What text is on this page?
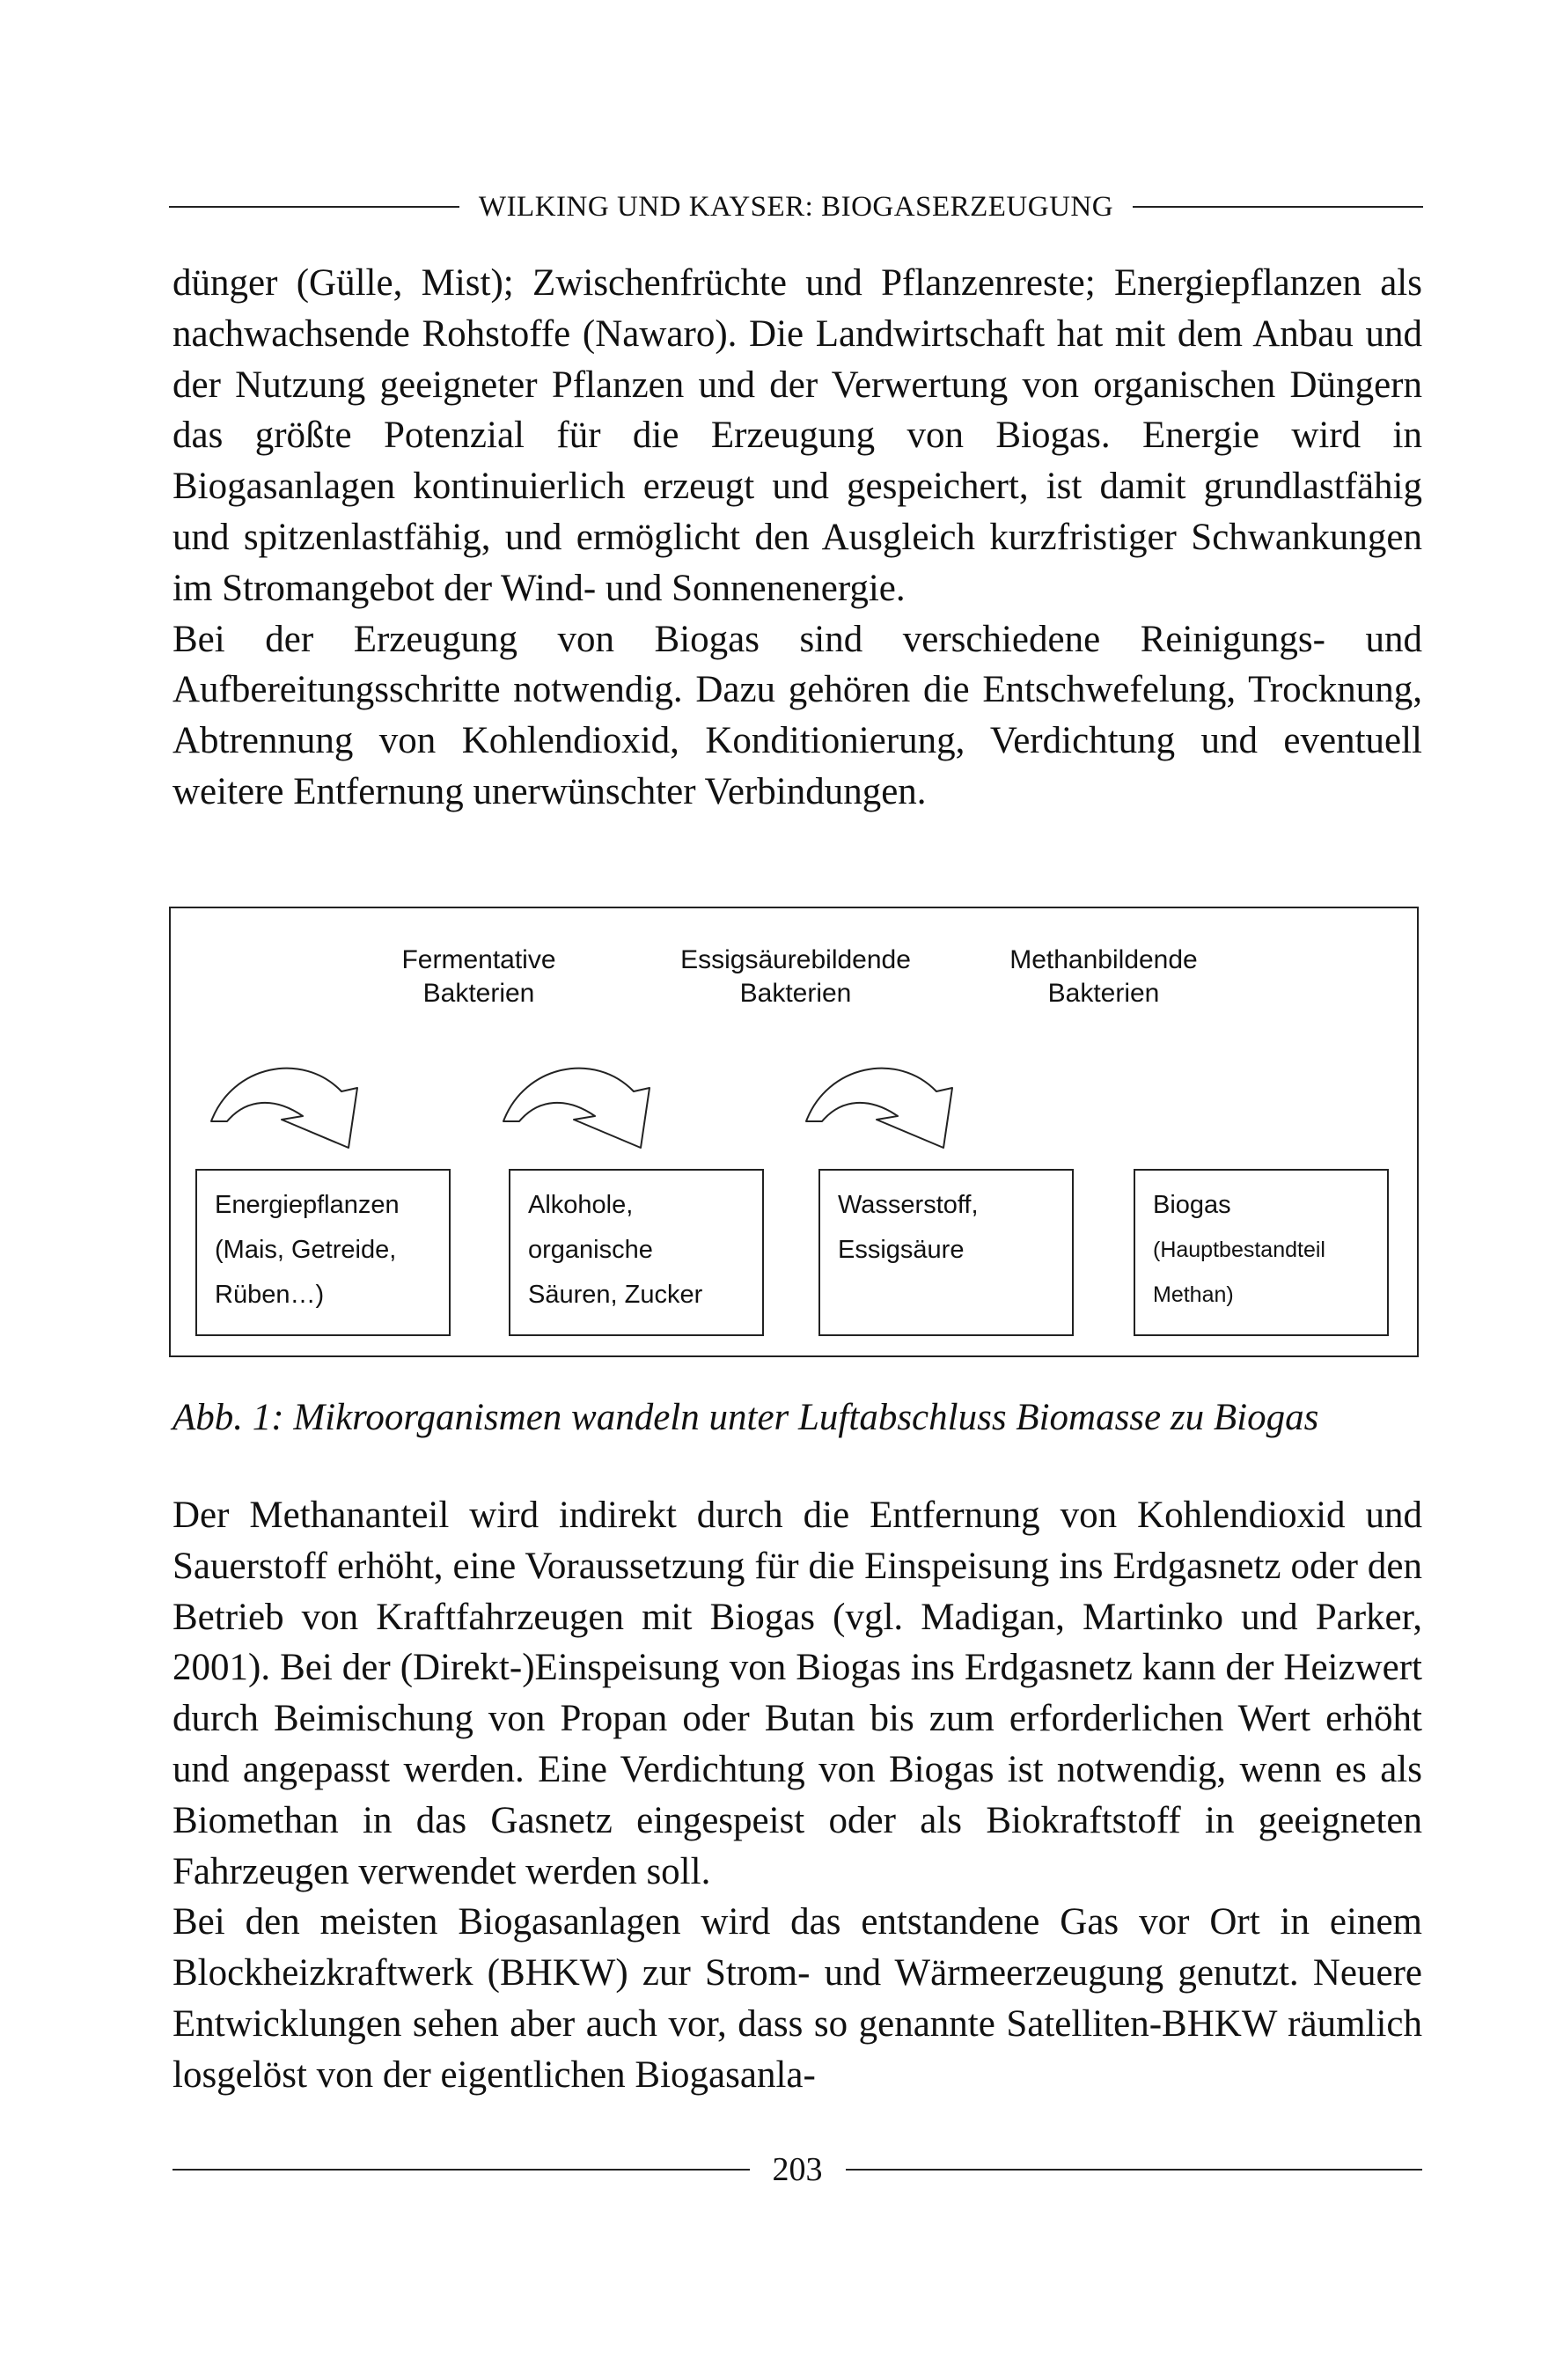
WILKING UND KAYSER: BIOGASERZEUGUNG

dünger (Gülle, Mist); Zwischenfrüchte und Pflanzenreste; Energiepflanzen als nachwachsende Rohstoffe (Nawaro). Die Landwirtschaft hat mit dem Anbau und der Nutzung geeigneter Pflanzen und der Verwertung von organischen Düngern das größte Potenzial für die Erzeugung von Biogas. Energie wird in Biogasanlagen kontinuierlich erzeugt und gespeichert, ist damit grundlastfähig und spitzenlastfähig, und ermöglicht den Ausgleich kurzfristiger Schwankungen im Stromangebot der Wind- und Sonnenenergie.

Bei der Erzeugung von Biogas sind verschiedene Reinigungs- und Aufbereitungsschritte notwendig. Dazu gehören die Entschwefelung, Trocknung, Abtrennung von Kohlendioxid, Konditionierung, Verdichtung und eventuell weitere Entfernung unerwünschter Verbindungen.

Fermentative
Bakterien
Essigsäurebildende
Bakterien
Methanbildende
Bakterien
Energiepflanzen
(Mais, Getreide,
Rüben…)
Alkohole,
organische
Säuren, Zucker
Wasserstoff,
Essigsäure
Biogas
(Hauptbestandteil
Methan)
Abb. 1: Mikroorganismen wandeln unter Luftabschluss Biomasse zu Biogas

Der Methananteil wird indirekt durch die Entfernung von Kohlendioxid und Sauerstoff erhöht, eine Voraussetzung für die Einspeisung ins Erdgasnetz oder den Betrieb von Kraftfahrzeugen mit Biogas (vgl. Madigan, Martinko und Parker, 2001). Bei der (Direkt-)Einspeisung von Biogas ins Erdgasnetz kann der Heizwert durch Beimischung von Propan oder Butan bis zum erforderlichen Wert erhöht und angepasst werden. Eine Verdichtung von Biogas ist notwendig, wenn es als Biomethan in das Gasnetz eingespeist oder als Biokraftstoff in geeigneten Fahrzeugen verwendet werden soll.

Bei den meisten Biogasanlagen wird das entstandene Gas vor Ort in einem Blockheizkraftwerk (BHKW) zur Strom- und Wärmeerzeugung genutzt. Neuere Entwicklungen sehen aber auch vor, dass so genannte Satelliten-BHKW räumlich losgelöst von der eigentlichen Biogasanla-

203
